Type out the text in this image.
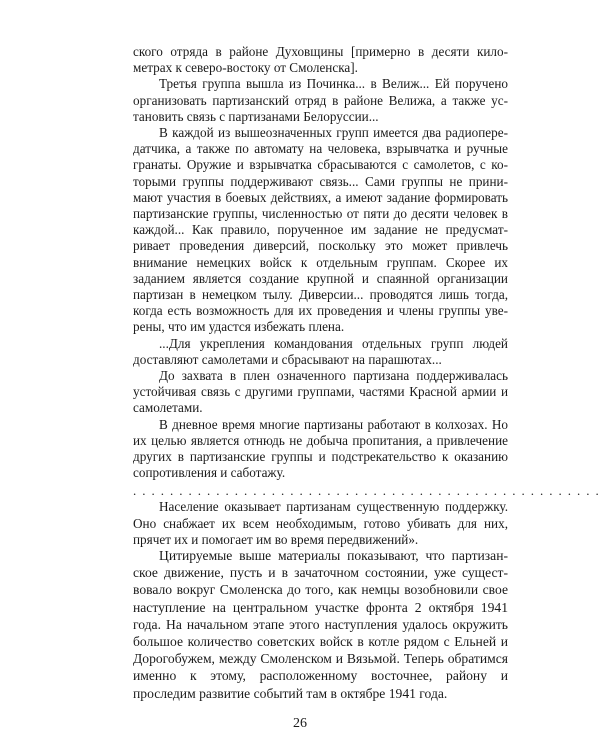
ского отряда в районе Духовщины [примерно в десяти километрах к северо-востоку от Смоленска].

Третья группа вышла из Починка... в Велиж... Ей поручено организовать партизанский отряд в районе Велижа, а также установить связь с партизанами Белоруссии...

В каждой из вышеозначенных групп имеется два радиопередатчика, а также по автомату на человека, взрывчатка и ручные гранаты. Оружие и взрывчатка сбрасываются с самолетов, с которыми группы поддерживают связь... Сами группы не принимают участия в боевых действиях, а имеют задание формировать партизанские группы, численностью от пяти до десяти человек в каждой... Как правило, порученное им задание не предусматривает проведения диверсий, поскольку это может привлечь внимание немецких войск к отдельным группам. Скорее их заданием является создание крупной и спаянной организации партизан в немецком тылу. Диверсии... проводятся лишь тогда, когда есть возможность для их проведения и члены группы уверены, что им удастся избежать плена.

...Для укрепления командования отдельных групп людей доставляют самолетами и сбрасывают на парашютах...

До захвата в плен означенного партизана поддерживалась устойчивая связь с другими группами, частями Красной армии и самолетами.

В дневное время многие партизаны работают в колхозах. Но их целью является отнюдь не добыча пропитания, а привлечение других в партизанские группы и подстрекательство к оказанию сопротивления и саботажу.

...................................................

Население оказывает партизанам существенную поддержку. Оно снабжает их всем необходимым, готово убивать для них, прячет их и помогает им во время передвижений».

Цитируемые выше материалы показывают, что партизанское движение, пусть и в зачаточном состоянии, уже существовало вокруг Смоленска до того, как немцы возобновили свое наступление на центральном участке фронта 2 октября 1941 года. На начальном этапе этого наступления удалось окружить большое количество советских войск в котле рядом с Ельней и Дорогобужем, между Смоленском и Вязьмой. Теперь обратимся именно к этому, расположенному восточнее, району и проследим развитие событий там в октябре 1941 года.

26
